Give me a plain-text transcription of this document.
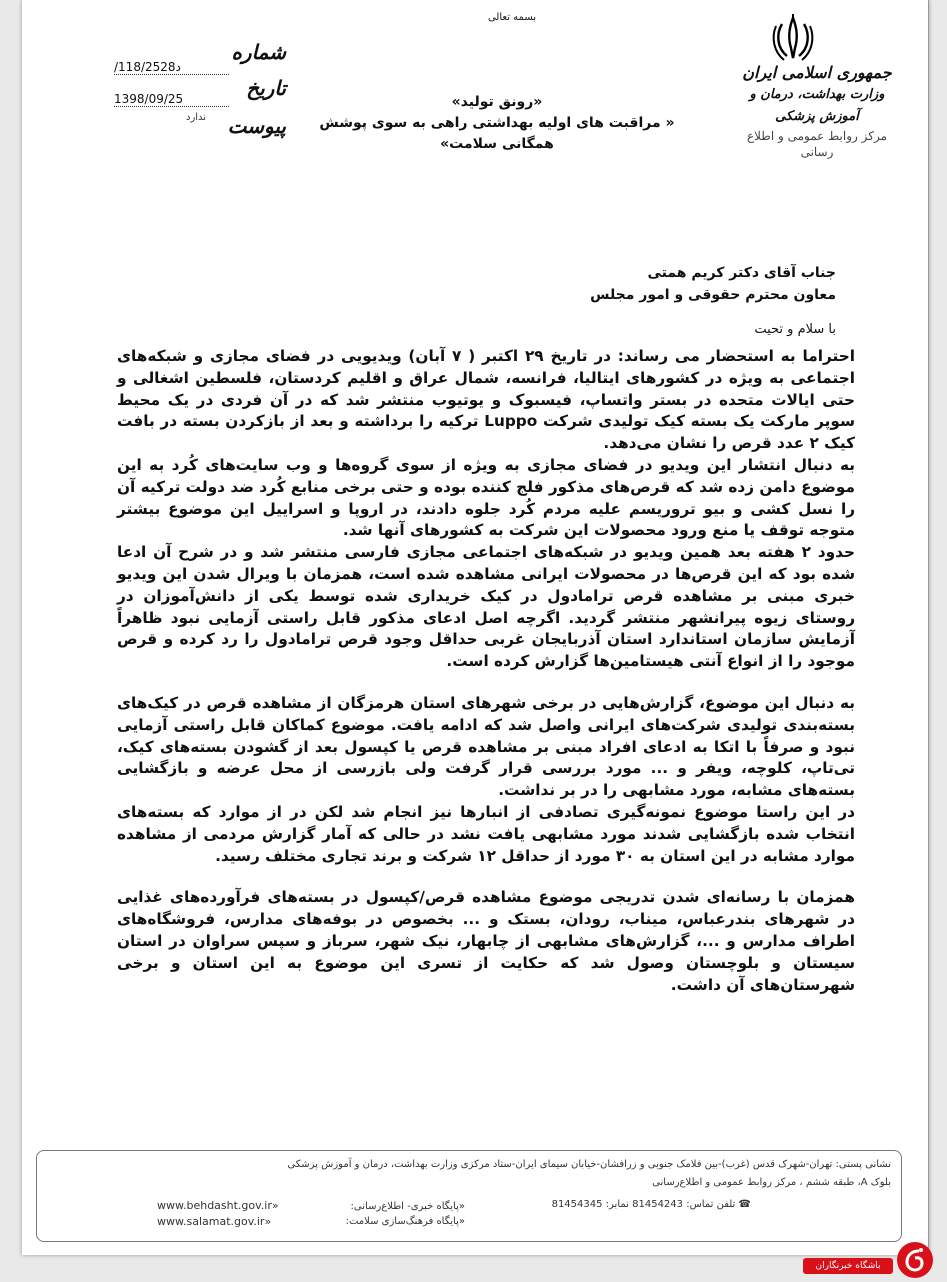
بسمه تعالی
جمهوری اسلامی ایران
وزارت بهداشت، درمان و آموزش پزشکی
مرکز روابط عمومی و اطلاع رسانی
«رونق تولید»
« مراقبت های اولیه بهداشتی راهی به سوی پوشش
همگانی سلامت»
شماره
/118/2528د
تاریخ
1398/09/25
ندارد پیوست
جناب آقای دکتر کریم همتی
معاون محترم حقوقی و امور مجلس
با سلام و تحیت

احتراما به استحضار می رساند: در تاریخ ۲۹ اکتبر ( ۷ آبان) ویدیویی در فضای مجازی و شبکه‌های اجتماعی به ویژه در کشورهای ایتالیا، فرانسه، شمال عراق و اقلیم کردستان، فلسطین اشغالی و حتی ایالات متحده در بستر واتساپ، فیسبوک و یوتیوب منتشر شد که در آن فردی در یک محیط سوپر مارکت یک بسته کیک تولیدی شرکت Luppo ترکیه را برداشته و بعد از بازکردن بسته در بافت کیک ۲ عدد قرص را نشان می‌دهد.

به دنبال انتشار این ویدیو در فضای مجازی به ویژه از سوی گروه‌ها و وب سایت‌های کُرد به این موضوع دامن زده شد که قرص‌های مذکور فلج کننده بوده و حتی برخی منابع کُرد ضد دولت ترکیه آن را نسل کشی و بیو تروریسم علیه مردم کُرد جلوه دادند، در اروپا و اسراییل این موضوع بیشتر متوجه توقف یا منع ورود محصولات این شرکت به کشورهای آنها شد.

حدود ۲ هفته بعد همین ویدیو در شبکه‌های اجتماعی مجازی فارسی منتشر شد و در شرح آن ادعا شده بود که این قرص‌ها در محصولات ایرانی مشاهده شده است، همزمان با ویرال شدن این ویدیو خبری مبنی بر مشاهده قرص ترامادول در کیک خریداری شده توسط یکی از دانش‌آموزان در روستای زیوه پیرانشهر منتشر گردید. اگرچه اصل ادعای مذکور قابل راستی آزمایی نبود ظاهراً آزمایش سازمان استاندارد استان آذربایجان غربی حداقل وجود قرص ترامادول را رد کرده و قرص موجود را از انواع آنتی هیستامین‌ها گزارش کرده است.

به دنبال این موضوع، گزارش‌هایی در برخی شهرهای استان هرمزگان از مشاهده قرص در کیک‌های بسته‌بندی تولیدی شرکت‌های ایرانی واصل شد که ادامه یافت. موضوع کماکان قابل راستی آزمایی نبود و صرفاً با اتکا به ادعای افراد مبنی بر مشاهده قرص یا کپسول بعد از گشودن بسته‌های کیک، تی‌تاپ، کلوچه، ویفر و ... مورد بررسی قرار گرفت ولی بازرسی از محل عرضه و بازگشایی بسته‌های مشابه، مورد مشابهی را در بر نداشت.

در این راستا موضوع نمونه‌گیری تصادفی از انبارها نیز انجام شد لکن در از موارد که بسته‌های انتخاب شده بازگشایی شدند مورد مشابهی یافت نشد در حالی که آمار گزارش مردمی از مشاهده موارد مشابه در این استان به ۳۰ مورد از حداقل ۱۲ شرکت و برند تجاری مختلف رسید.

همزمان با رسانه‌ای شدن تدریجی موضوع مشاهده قرص/کپسول در بسته‌های فرآورده‌های غذایی در شهرهای بندرعباس، میناب، رودان، بستک و ... بخصوص در بوفه‌های مدارس، فروشگاه‌های اطراف مدارس و ...، گزارش‌های مشابهی از چابهار، نیک شهر، سرباز و سپس سراوان در استان سیستان و بلوچستان وصول شد که حکایت از تسری این موضوع به این استان و برخی شهرستان‌های آن داشت.

نشانی پستی: تهران-شهرک قدس (غرب)-بین فلامک جنوبی و زرافشان-خیابان سیمای ایران-ستاد مرکزی وزارت بهداشت، درمان و آموزش پزشکی
بلوک A، طبقه ششم ، مرکز روابط عمومی و اطلاع‌رسانی
☎ تلفن تماس: 81454243 نمابر: 81454345
«پایگاه خبری- اطلاع‌رسانی:
«پایگاه فرهنگ‌سازی سلامت:
www.behdasht.gov.ir»
www.salamat.gov.ir»
باشگاه خبرنگاران
